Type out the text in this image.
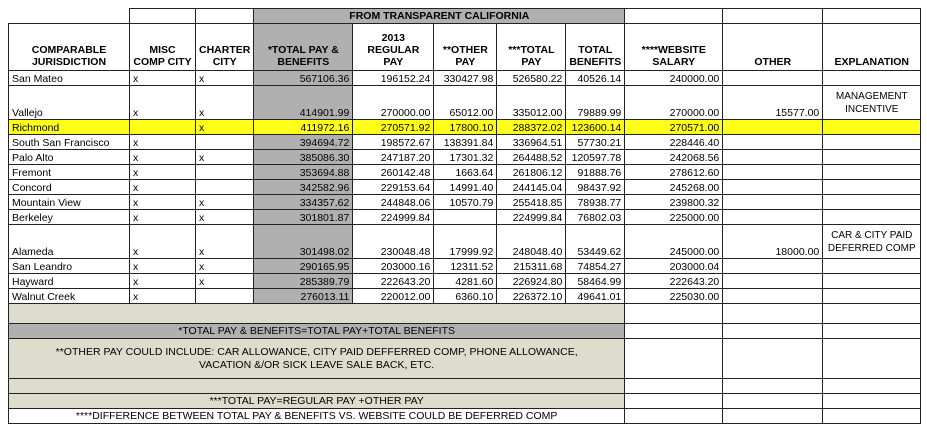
			FROM TRANSPARENT CALIFORNIA							
COMPARABLE JURISDICTION	MISC COMP CITY	CHARTER CITY	*TOTAL PAY & BENEFITS	2013 REGULAR PAY	**OTHER PAY	***TOTAL PAY	TOTAL BENEFITS	****WEBSITE SALARY	OTHER	EXPLANATION
San Mateo	x	x	567106.36	196152.24	330427.98	526580.22	40526.14	240000.00		
Vallejo	x	x	414901.99	270000.00	65012.00	335012.00	79889.99	270000.00	15577.00	MANAGEMENT INCENTIVE
Richmond		x	411972.16	270571.92	17800.10	288372.02	123600.14	270571.00		
South San Francisco	x		394694.72	198572.67	138391.84	336964.51	57730.21	228446.40		
Palo Alto	x	x	385086.30	247187.20	17301.32	264488.52	120597.78	242068.56		
Fremont	x		353694.88	260142.48	1663.64	261806.12	91888.76	278612.60		
Concord	x		342582.96	229153.64	14991.40	244145.04	98437.92	245268.00		
Mountain View	x	x	334357.62	244848.06	10570.79	255418.85	78938.77	239800.32		
Berkeley	x	x	301801.87	224999.84		224999.84	76802.03	225000.00		
Alameda	x	x	301498.02	230048.48	17999.92	248048.40	53449.62	245000.00	18000.00	CAR & CITY PAID DEFERRED COMP
San Leandro	x	x	290165.95	203000.16	12311.52	215311.68	74854.27	203000.04		
Hayward	x	x	285389.79	222643.20	4281.60	226924.80	58464.99	222643.20		
Walnut Creek	x		276013.11	220012.00	6360.10	226372.10	49641.01	225030.00		

*TOTAL PAY & BENEFITS=TOTAL PAY+TOTAL BENEFITS										
**OTHER PAY COULD INCLUDE: CAR ALLOWANCE, CITY PAID DEFFERRED COMP, PHONE ALLOWANCE, VACATION &/OR SICK LEAVE SALE BACK, ETC.										

***TOTAL PAY=REGULAR PAY +OTHER PAY										
****DIFFERENCE BETWEEN TOTAL PAY & BENEFITS VS. WEBSITE COULD BE DEFERRED COMP										
